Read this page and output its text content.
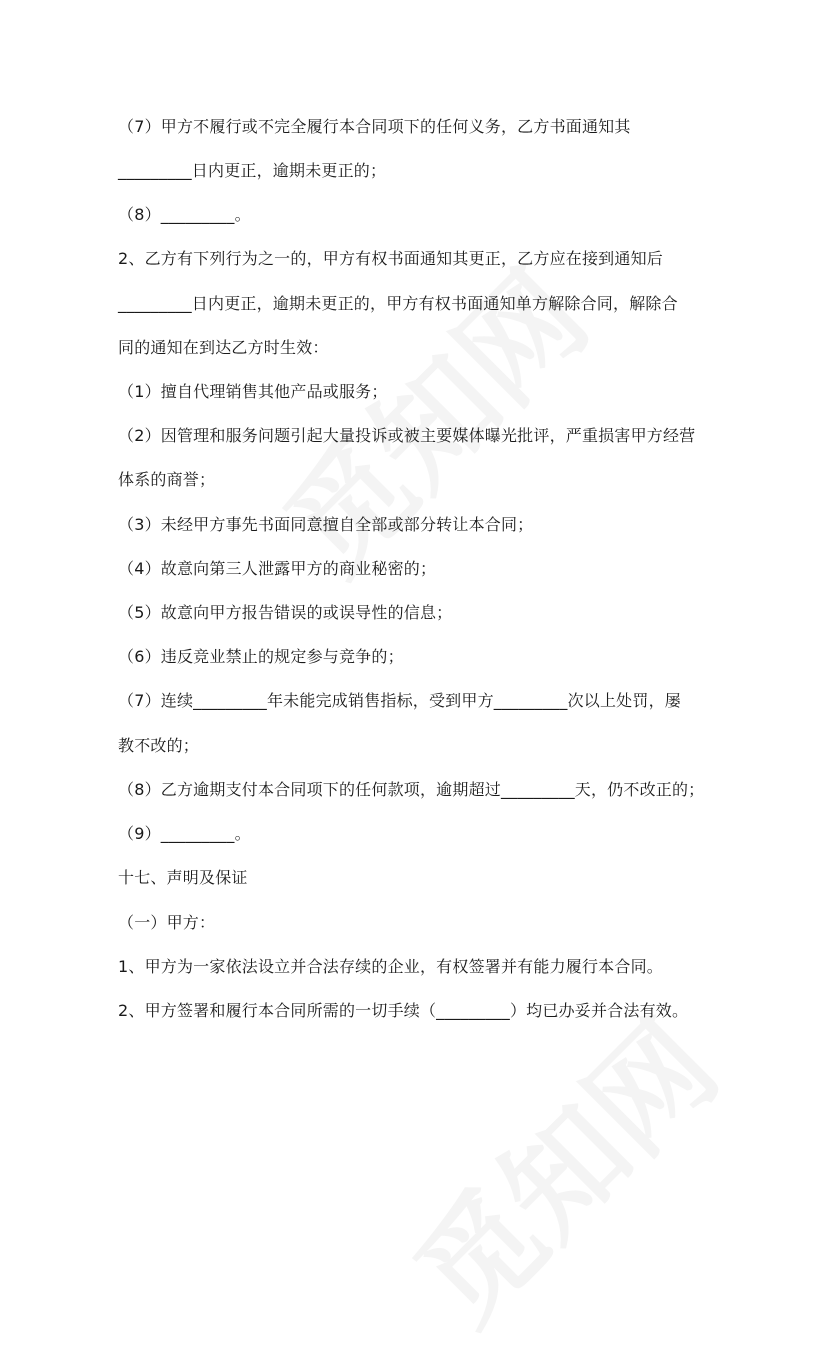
（7）甲方不履行或不完全履行本合同项下的任何义务，乙方书面通知其
_________日内更正，逾期未更正的；
（8）_________。
2、乙方有下列行为之一的，甲方有权书面通知其更正，乙方应在接到通知后
_________日内更正，逾期未更正的，甲方有权书面通知单方解除合同，解除合
同的通知在到达乙方时生效：
（1）擅自代理销售其他产品或服务；
（2）因管理和服务问题引起大量投诉或被主要媒体曝光批评，严重损害甲方经营
体系的商誉；
（3）未经甲方事先书面同意擅自全部或部分转让本合同；
（4）故意向第三人泄露甲方的商业秘密的；
（5）故意向甲方报告错误的或误导性的信息；
（6）违反竞业禁止的规定参与竞争的；
（7）连续_________年未能完成销售指标，受到甲方_________次以上处罚，屡
教不改的；
（8）乙方逾期支付本合同项下的任何款项，逾期超过_________天，仍不改正的；
（9）_________。
十七、声明及保证
（一）甲方：
1、甲方为一家依法设立并合法存续的企业，有权签署并有能力履行本合同。
2、甲方签署和履行本合同所需的一切手续（_________）均已办妥并合法有效。
